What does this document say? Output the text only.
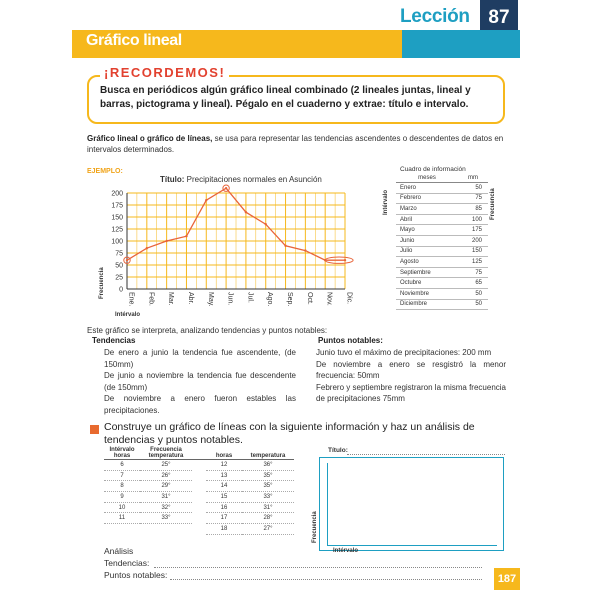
Lección 87
Gráfico lineal
¡RECORDEMOS!
Busca en periódicos algún gráfico lineal combinado (2 lineales juntas, lineal y barras, pictograma y lineal). Pégalo en el cuaderno y extrae: título e intervalo.
Gráfico lineal o gráfico de líneas, se usa para representar las tendencias ascendentes o descendentes de datos en intervalos determinados.
EJEMPLO:
Título: Precipitaciones normales en Asunción
0
25
50
75
100
125
150
175
200
Ene. Feb. Mar. Abr. May. Jun. Jul. Ago. Sep. Oct. Nov. Dic.
Frecuencia
Intérvalo
Cuadro de información
Intérvalo	Frecuencia
meses	mm
Enero	50
Febrero	75
Marzo	85
Abril	100
Mayo	175
Junio	200
Julio	150
Agosto	125
Septiembre	75
Octubre	65
Noviembre	50
Diciembre	50
Este gráfico se interpreta, analizando tendencias y puntos notables:
Tendencias	Puntos notables:
De enero a junio la tendencia fue ascendente, (de 150mm)
De junio a noviembre la tendencia fue descendente (de 150mm)
De noviembre a enero fueron estables las precipitaciones.
Junio tuvo el máximo de precipitaciones: 200 mm
De noviembre a enero se resgistró la menor frecuencia: 50mm
Febrero y septiembre registraron la misma frecuencia de precipitaciones 75mm
Construye un gráfico de líneas con la siguiente información y haz un análisis de tendencias y puntos notables.
Intérvalo	Frecuencia			
horas	temperatura		horas	temperatura
6	25°		12	36°
7	26°		13	35°
8	29°		14	35°
9	31°		15	33°
10	32°		16	31°
11	33°		17	28°
			18	27°
Título:
Frecuencia
Intérvalo
Análisis
Tendencias:
Puntos notables:	187
